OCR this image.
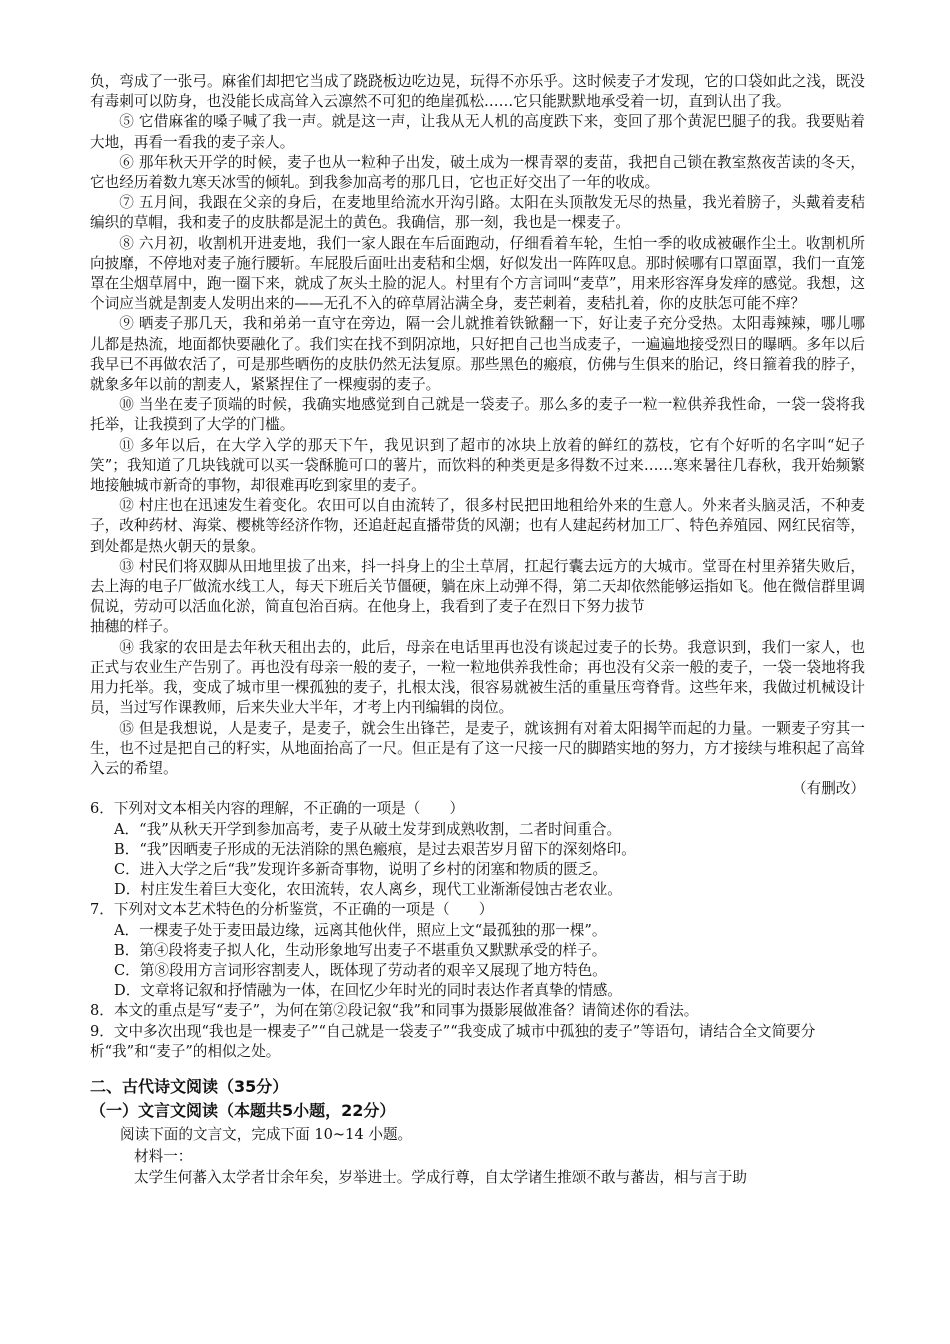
负，弯成了一张弓。麻雀们却把它当成了跷跷板边吃边晃，玩得不亦乐乎。这时候麦子才发现，它的口袋如此之浅，既没有毒刺可以防身，也没能长成高耸入云凛然不可犯的绝崖孤松……它只能默默地承受着一切，直到认出了我。

⑤ 它借麻雀的嗓子喊了我一声。就是这一声，让我从无人机的高度跌下来，变回了那个黄泥巴腿子的我。我要贴着大地，再看一看我的麦子亲人。

⑥ 那年秋天开学的时候，麦子也从一粒种子出发，破土成为一棵青翠的麦苗，我把自己锁在教室熬夜苦读的冬天，它也经历着数九寒天冰雪的倾轧。到我参加高考的那几日，它也正好交出了一年的收成。

⑦ 五月间，我跟在父亲的身后，在麦地里给流水开沟引路。太阳在头顶散发无尽的热量，我光着膀子，头戴着麦秸编织的草帽，我和麦子的皮肤都是泥土的黄色。我确信，那一刻，我也是一棵麦子。

⑧ 六月初，收割机开进麦地，我们一家人跟在车后面跑动，仔细看着车轮，生怕一季的收成被碾作尘土。收割机所向披靡，不停地对麦子施行腰斩。车屁股后面吐出麦秸和尘烟，好似发出一阵阵叹息。那时候哪有口罩面罩，我们一直笼罩在尘烟草屑中，跑一圈下来，就成了灰头土脸的泥人。村里有个方言词叫“麦草”，用来形容浑身发痒的感觉。我想，这个词应当就是割麦人发明出来的——无孔不入的碎草屑沾满全身，麦芒刺着，麦秸扎着，你的皮肤怎可能不痒？

⑨ 晒麦子那几天，我和弟弟一直守在旁边，隔一会儿就推着铁锨翻一下，好让麦子充分受热。太阳毒辣辣，哪儿哪儿都是热流，地面都快要融化了。我们实在找不到阴凉地，只好把自己也当成麦子，一遍遍地接受烈日的曝晒。多年以后我早已不再做农活了，可是那些晒伤的皮肤仍然无法复原。那些黑色的瘢痕，仿佛与生俱来的胎记，终日箍着我的脖子，就象多年以前的割麦人，紧紧捏住了一棵瘦弱的麦子。

⑩ 当坐在麦子顶端的时候，我确实地感觉到自己就是一袋麦子。那么多的麦子一粒一粒供养我性命，一袋一袋将我托举，让我摸到了大学的门槛。

⑪ 多年以后，在大学入学的那天下午，我见识到了超市的冰块上放着的鲜红的荔枝，它有个好听的名字叫“妃子笑”；我知道了几块钱就可以买一袋酥脆可口的薯片，而饮料的种类更是多得数不过来……寒来暑往几春秋，我开始频繁地接触城市新奇的事物，却很难再吃到家里的麦子。

⑫ 村庄也在迅速发生着变化。农田可以自由流转了，很多村民把田地租给外来的生意人。外来者头脑灵活，不种麦子，改种药材、海棠、樱桃等经济作物，还追赶起直播带货的风潮；也有人建起药材加工厂、特色养殖园、网红民宿等，到处都是热火朝天的景象。

⑬ 村民们将双脚从田地里拔了出来，抖一抖身上的尘土草屑，扛起行囊去远方的大城市。堂哥在村里养猪失败后，去上海的电子厂做流水线工人，每天下班后关节僵硬，躺在床上动弹不得，第二天却依然能够运指如飞。他在微信群里调侃说，劳动可以活血化淤，简直包治百病。在他身上，我看到了麦子在烈日下努力拔节

抽穗的样子。

⑭ 我家的农田是去年秋天租出去的，此后，母亲在电话里再也没有谈起过麦子的长势。我意识到，我们一家人，也正式与农业生产告别了。再也没有母亲一般的麦子，一粒一粒地供养我性命；再也没有父亲一般的麦子，一袋一袋地将我用力托举。我，变成了城市里一棵孤独的麦子，扎根太浅，很容易就被生活的重量压弯脊背。这些年来，我做过机械设计员，当过写作课教师，后来失业大半年，才考上内刊编辑的岗位。

⑮ 但是我想说，人是麦子，是麦子，就会生出锋芒，是麦子，就该拥有对着太阳揭竿而起的力量。一颗麦子穷其一生，也不过是把自己的籽实，从地面抬高了一尺。但正是有了这一尺接一尺的脚踏实地的努力，方才接续与堆积起了高耸入云的希望。

（有删改）

6．下列对文本相关内容的理解，不正确的一项是（　　）

A．“我”从秋天开学到参加高考，麦子从破土发芽到成熟收割，二者时间重合。

B．“我”因晒麦子形成的无法消除的黑色瘢痕，是过去艰苦岁月留下的深刻烙印。

C．进入大学之后“我”发现许多新奇事物，说明了乡村的闭塞和物质的匮乏。

D．村庄发生着巨大变化，农田流转，农人离乡，现代工业渐渐侵蚀古老农业。

7．下列对文本艺术特色的分析鉴赏，不正确的一项是（　　）

A．一棵麦子处于麦田最边缘，远离其他伙伴，照应上文“最孤独的那一棵”。

B．第④段将麦子拟人化，生动形象地写出麦子不堪重负又默默承受的样子。

C．第⑧段用方言词形容割麦人，既体现了劳动者的艰辛又展现了地方特色。

D．文章将记叙和抒情融为一体，在回忆少年时光的同时表达作者真挚的情感。

8．本文的重点是写“麦子”，为何在第②段记叙“我”和同事为摄影展做准备？请简述你的看法。

9．文中多次出现“我也是一棵麦子”“自己就是一袋麦子”“我变成了城市中孤独的麦子”等语句，请结合全文简要分析“我”和“麦子”的相似之处。

二、古代诗文阅读（35分）

（一）文言文阅读（本题共5小题，22分）

阅读下面的文言文，完成下面 10~14 小题。

材料一：

太学生何蕃入太学者廿余年矣，岁举进士。学成行尊，自太学诸生推颂不敢与蕃齿，相与言于助
